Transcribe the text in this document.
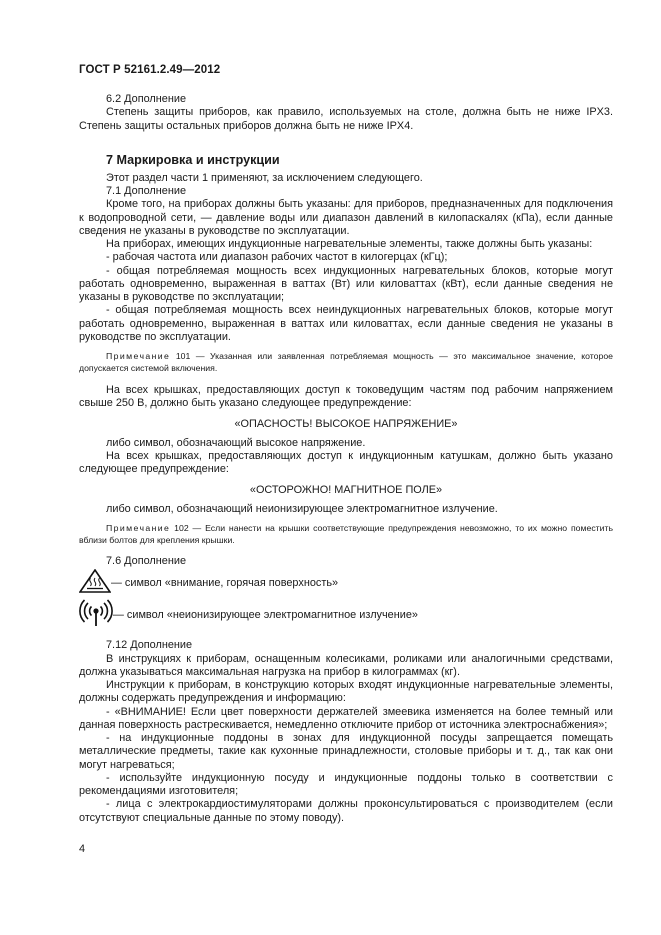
ГОСТ Р 52161.2.49—2012

6.2 Дополнение

Степень защиты приборов, как правило, используемых на столе, должна быть не ниже IPX3. Степень защиты остальных приборов должна быть не ниже IPX4.

7 Маркировка и инструкции

Этот раздел части 1 применяют, за исключением следующего.

7.1 Дополнение

Кроме того, на приборах должны быть указаны: для приборов, предназначенных для подключения к водопроводной сети, — давление воды или диапазон давлений в килопаскалях (кПа), если данные сведения не указаны в руководстве по эксплуатации.

На приборах, имеющих индукционные нагревательные элементы, также должны быть указаны:

- рабочая частота или диапазон рабочих частот в килогерцах (кГц);

- общая потребляемая мощность всех индукционных нагревательных блоков, которые могут работать одновременно, выраженная в ваттах (Вт) или киловаттах (кВт), если данные сведения не указаны в руководстве по эксплуатации;

- общая потребляемая мощность всех неиндукционных нагревательных блоков, которые могут работать одновременно, выраженная в ваттах или киловаттах, если данные сведения не указаны в руководстве по эксплуатации.

Примечание 101 — Указанная или заявленная потребляемая мощность — это максимальное значение, которое допускается системой включения.

На всех крышках, предоставляющих доступ к токоведущим частям под рабочим напряжением свыше 250 В, должно быть указано следующее предупреждение:

«ОПАСНОСТЬ! ВЫСОКОЕ НАПРЯЖЕНИЕ»

либо символ, обозначающий высокое напряжение.

На всех крышках, предоставляющих доступ к индукционным катушкам, должно быть указано следующее предупреждение:

«ОСТОРОЖНО! МАГНИТНОЕ ПОЛЕ»

либо символ, обозначающий неионизирующее электромагнитное излучение.

Примечание 102 — Если нанести на крышки соответствующие предупреждения невозможно, то их можно поместить вблизи болтов для крепления крышки.

7.6 Дополнение

— символ «внимание, горячая поверхность»
— символ «неионизирующее электромагнитное излучение»

7.12 Дополнение

В инструкциях к приборам, оснащенным колесиками, роликами или аналогичными средствами, должна указываться максимальная нагрузка на прибор в килограммах (кг).

Инструкции к приборам, в конструкцию которых входят индукционные нагревательные элементы, должны содержать предупреждения и информацию:

- «ВНИМАНИЕ! Если цвет поверхности держателей змеевика изменяется на более темный или данная поверхность растрескивается, немедленно отключите прибор от источника электроснабжения»;

- на индукционные поддоны в зонах для индукционной посуды запрещается помещать металлические предметы, такие как кухонные принадлежности, столовые приборы и т. д., так как они могут нагреваться;

- используйте индукционную посуду и индукционные поддоны только в соответствии с рекомендациями изготовителя;

- лица с электрокардиостимуляторами должны проконсультироваться с производителем (если отсутствуют специальные данные по этому поводу).

4
